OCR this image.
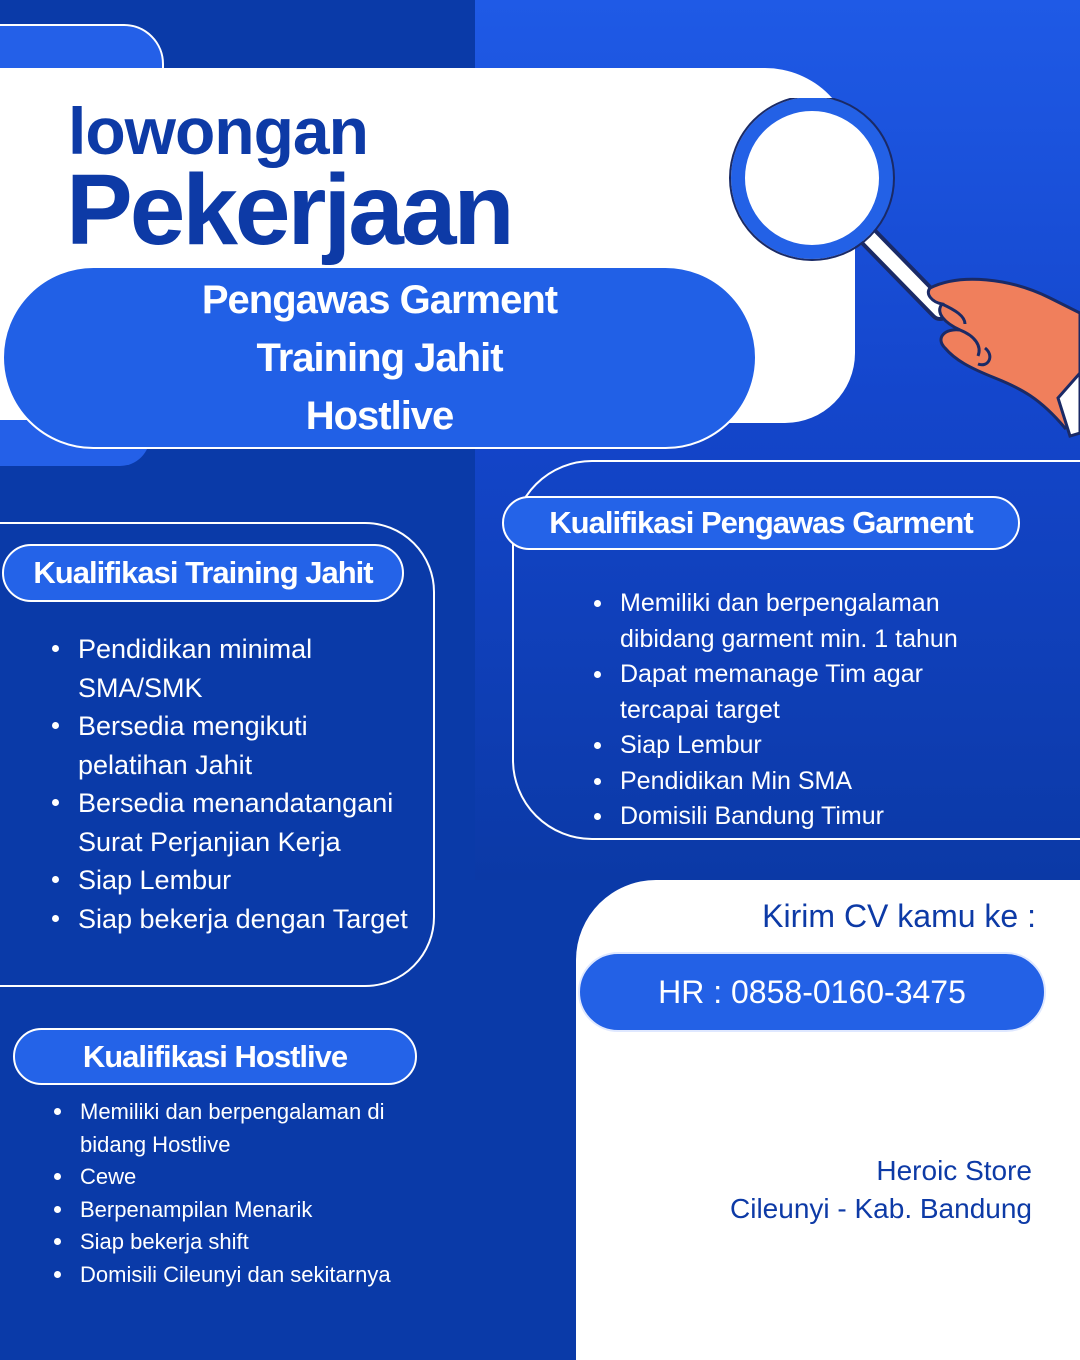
lowongan
Pekerjaan
Pengawas Garment
Training Jahit
Hostlive
Kualifikasi Training Jahit
Kualifikasi Pengawas Garment
Kualifikasi Hostlive
Pendidikan minimal SMA/SMK
Bersedia mengikuti pelatihan Jahit
Bersedia menandatangani Surat Perjanjian Kerja
Siap Lembur
Siap bekerja dengan Target
Memiliki dan berpengalaman dibidang garment min. 1 tahun
Dapat memanage Tim agar tercapai target
Siap Lembur
Pendidikan Min SMA
Domisili Bandung Timur
Memiliki dan berpengalaman di bidang Hostlive
Cewe
Berpenampilan Menarik
Siap bekerja shift
Domisili Cileunyi dan sekitarnya
Kirim CV kamu ke :
HR : 0858-0160-3475
Heroic Store
Cileunyi - Kab. Bandung
